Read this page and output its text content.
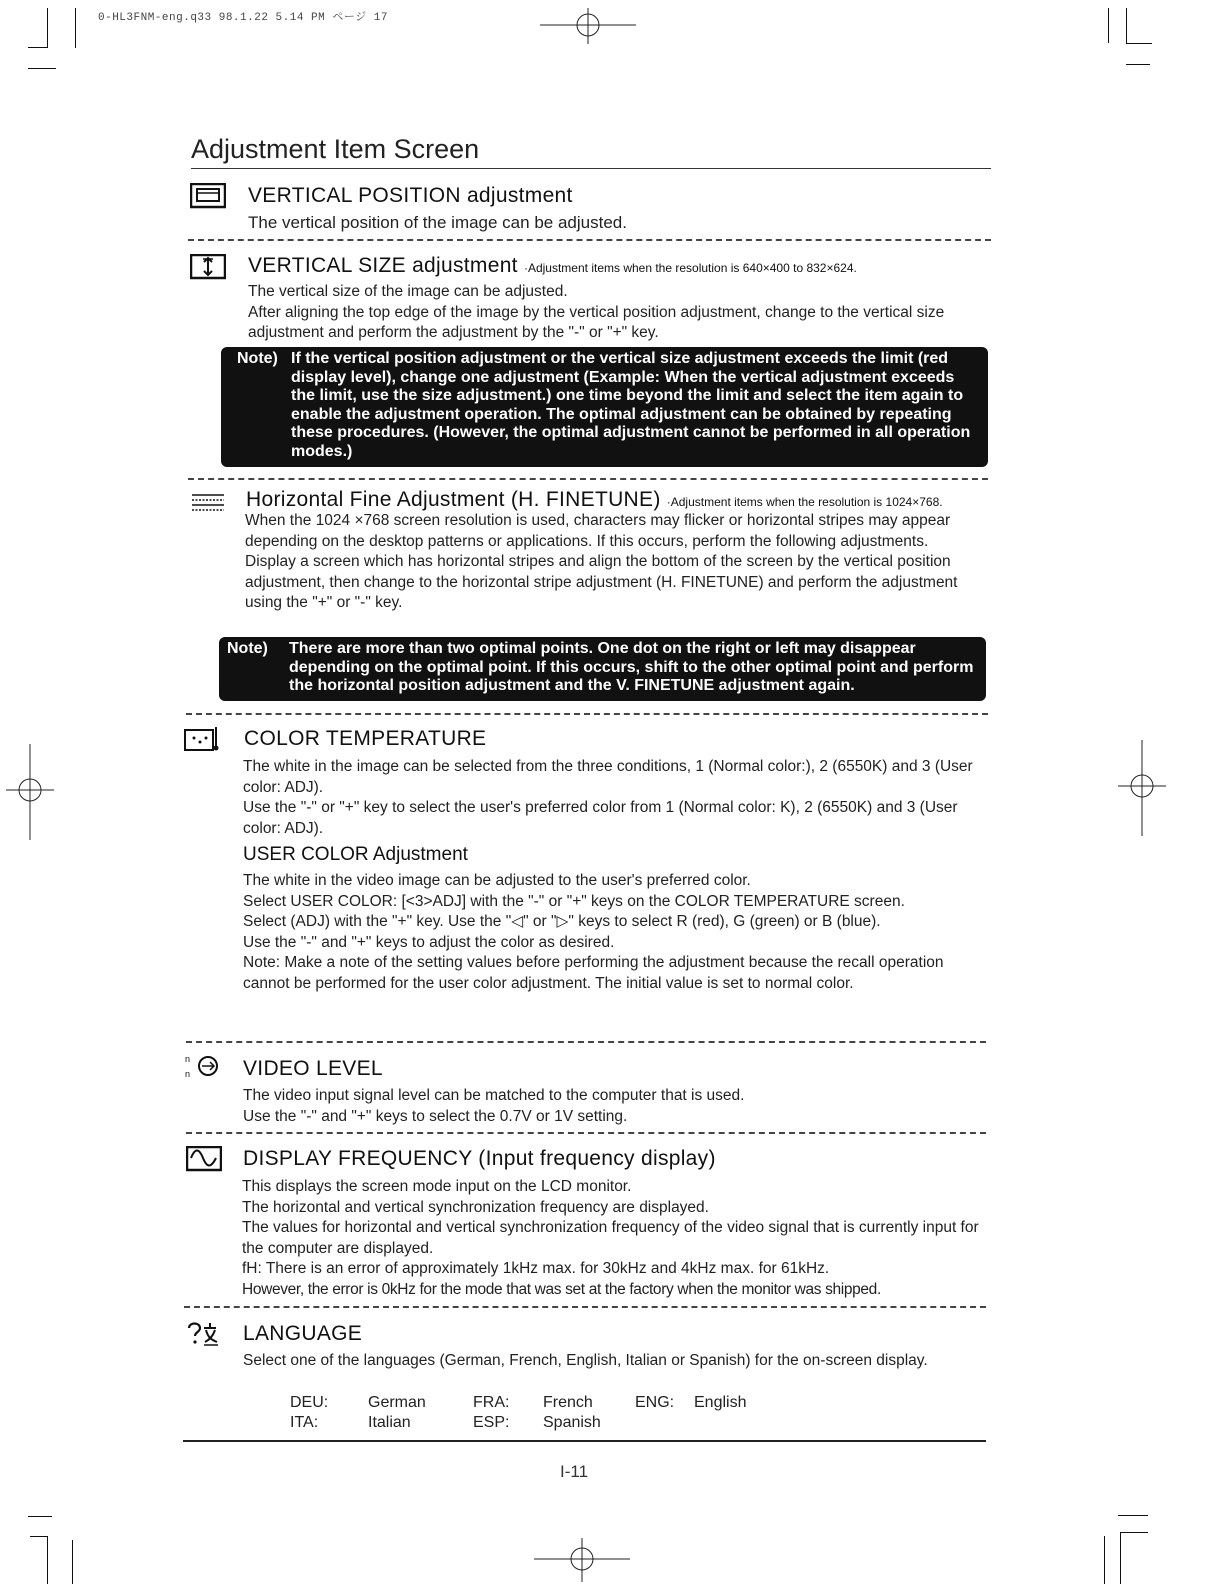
0-HL3FNM-eng.q33 98.1.22 5.14 PM ページ 17
Adjustment Item Screen
VERTICAL POSITION adjustment

The vertical position of the image can be adjusted.

VERTICAL SIZE adjustment ·Adjustment items when the resolution is 640×400 to 832×624.

The vertical size of the image can be adjusted.

After aligning the top edge of the image by the vertical position adjustment, change to the vertical size adjustment and perform the adjustment by the "-" or "+" key.

Note) If the vertical position adjustment or the vertical size adjustment exceeds the limit (red display level), change one adjustment (Example: When the vertical adjustment exceeds the limit, use the size adjustment.) one time beyond the limit and select the item again to enable the adjustment operation. The optimal adjustment can be obtained by repeating these procedures. (However, the optimal adjustment cannot be performed in all operation modes.)
Horizontal Fine Adjustment (H. FINETUNE) ·Adjustment items when the resolution is 1024×768.

When the 1024 ×768 screen resolution is used, characters may flicker or horizontal stripes may appear depending on the desktop patterns or applications. If this occurs, perform the following adjustments.

Display a screen which has horizontal stripes and align the bottom of the screen by the vertical position adjustment, then change to the horizontal stripe adjustment (H. FINETUNE) and perform the adjustment using the "+" or "-" key.

Note) There are more than two optimal points. One dot on the right or left may disappear depending on the optimal point. If this occurs, shift to the other optimal point and perform the horizontal position adjustment and the V. FINETUNE adjustment again.
COLOR TEMPERATURE

The white in the image can be selected from the three conditions, 1 (Normal color:), 2 (6550K) and 3 (User color: ADJ).

Use the "-" or "+" key to select the user's preferred color from 1 (Normal color: K), 2 (6550K) and 3 (User color: ADJ).

USER COLOR Adjustment

The white in the video image can be adjusted to the user's preferred color.

Select USER COLOR: [<3>ADJ] with the "-" or "+" keys on the COLOR TEMPERATURE screen.

Select (ADJ) with the "+" key. Use the "◁" or "▷" keys to select R (red), G (green) or B (blue).

Use the "-" and "+" keys to adjust the color as desired.

Note: Make a note of the setting values before performing the adjustment because the recall operation cannot be performed for the user color adjustment. The initial value is set to normal color.

n
n	VIDEO LEVEL

The video input signal level can be matched to the computer that is used.

Use the "-" and "+" keys to select the 0.7V or 1V setting.

DISPLAY FREQUENCY (Input frequency display)

This displays the screen mode input on the LCD monitor.

The horizontal and vertical synchronization frequency are displayed.

The values for horizontal and vertical synchronization frequency of the video signal that is currently input for the computer are displayed.

fH: There is an error of approximately 1kHz max. for 30kHz and 4kHz max. for 61kHz.

However, the error is 0kHz for the mode that was set at the factory when the monitor was shipped.

LANGUAGE

Select one of the languages (German, French, English, Italian or Spanish) for the on-screen display.

DEU: German	FRA: French	ENG: English
ITA:	Italian	ESP: Spanish
I-11
